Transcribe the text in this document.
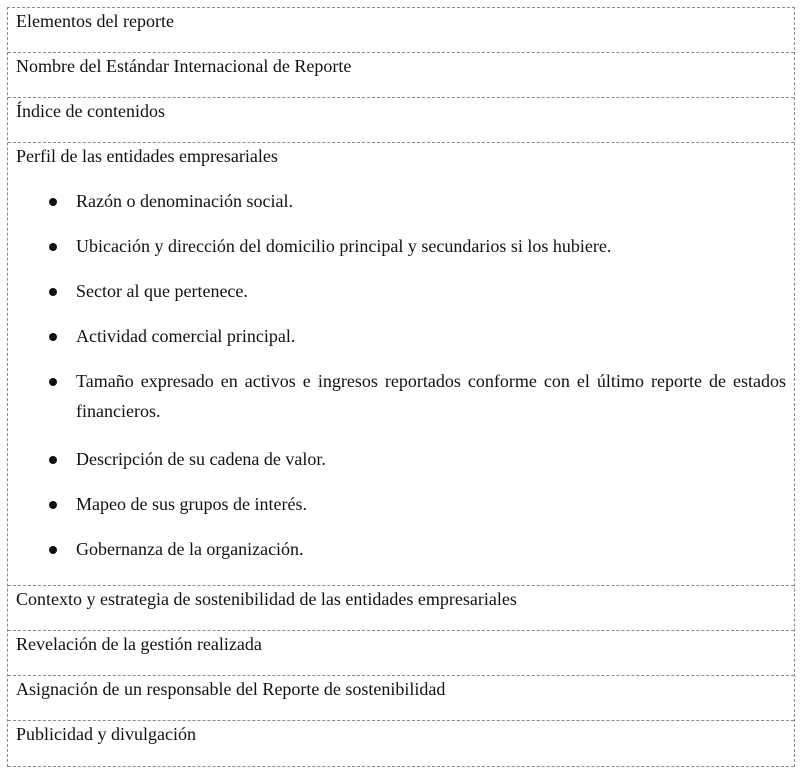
Elementos del reporte
Nombre del Estándar Internacional de Reporte
Índice de contenidos
Perfil de las entidades empresariales
Razón o denominación social.
Ubicación y dirección del domicilio principal y secundarios si los hubiere.
Sector al que pertenece.
Actividad comercial principal.
Tamaño expresado en activos e ingresos reportados conforme con el último reporte de estados financieros.
Descripción de su cadena de valor.
Mapeo de sus grupos de interés.
Gobernanza de la organización.
Contexto y estrategia de sostenibilidad de las entidades empresariales
Revelación de la gestión realizada
Asignación de un responsable del Reporte de sostenibilidad
Publicidad y divulgación
